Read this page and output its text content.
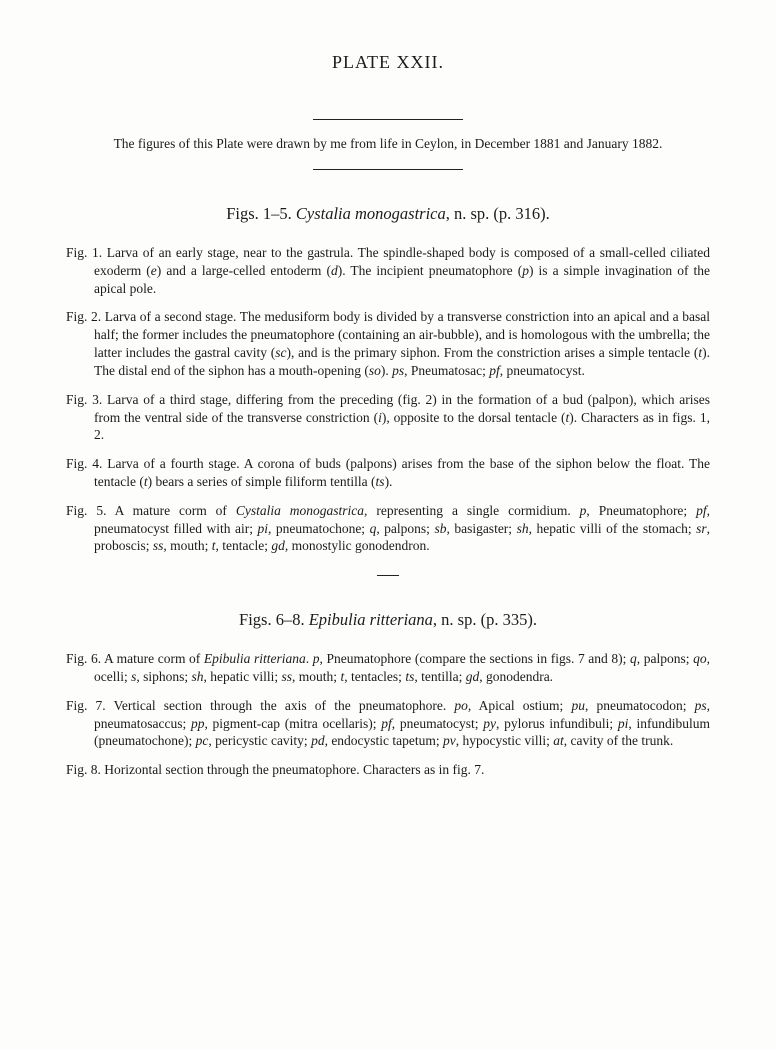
PLATE XXII.

The figures of this Plate were drawn by me from life in Ceylon, in December 1881 and January 1882.

Figs. 1–5. Cystalia monogastrica, n. sp. (p. 316).

Fig. 1. Larva of an early stage, near to the gastrula. The spindle-shaped body is composed of a small-celled ciliated exoderm (e) and a large-celled entoderm (d). The incipient pneumatophore (p) is a simple invagination of the apical pole.

Fig. 2. Larva of a second stage. The medusiform body is divided by a transverse constriction into an apical and a basal half; the former includes the pneumatophore (containing an air-bubble), and is homologous with the umbrella; the latter includes the gastral cavity (sc), and is the primary siphon. From the constriction arises a simple tentacle (t). The distal end of the siphon has a mouth-opening (so). ps, Pneumatosac; pf, pneumatocyst.

Fig. 3. Larva of a third stage, differing from the preceding (fig. 2) in the formation of a bud (palpon), which arises from the ventral side of the transverse constriction (i), opposite to the dorsal tentacle (t). Characters as in figs. 1, 2.

Fig. 4. Larva of a fourth stage. A corona of buds (palpons) arises from the base of the siphon below the float. The tentacle (t) bears a series of simple filiform tentilla (ts).

Fig. 5. A mature corm of Cystalia monogastrica, representing a single cormidium. p, Pneumatophore; pf, pneumatocyst filled with air; pi, pneumatochone; q, palpons; sb, basigaster; sh, hepatic villi of the stomach; sr, proboscis; ss, mouth; t, tentacle; gd, monostylic gonodendron.

Figs. 6–8. Epibulia ritteriana, n. sp. (p. 335).

Fig. 6. A mature corm of Epibulia ritteriana. p, Pneumatophore (compare the sections in figs. 7 and 8); q, palpons; qo, ocelli; s, siphons; sh, hepatic villi; ss, mouth; t, tentacles; ts, tentilla; gd, gonodendra.

Fig. 7. Vertical section through the axis of the pneumatophore. po, Apical ostium; pu, pneumatocodon; ps, pneumatosaccus; pp, pigment-cap (mitra ocellaris); pf, pneumatocyst; py, pylorus infundibuli; pi, infundibulum (pneumatochone); pc, pericystic cavity; pd, endocystic tapetum; pv, hypocystic villi; at, cavity of the trunk.

Fig. 8. Horizontal section through the pneumatophore. Characters as in fig. 7.
